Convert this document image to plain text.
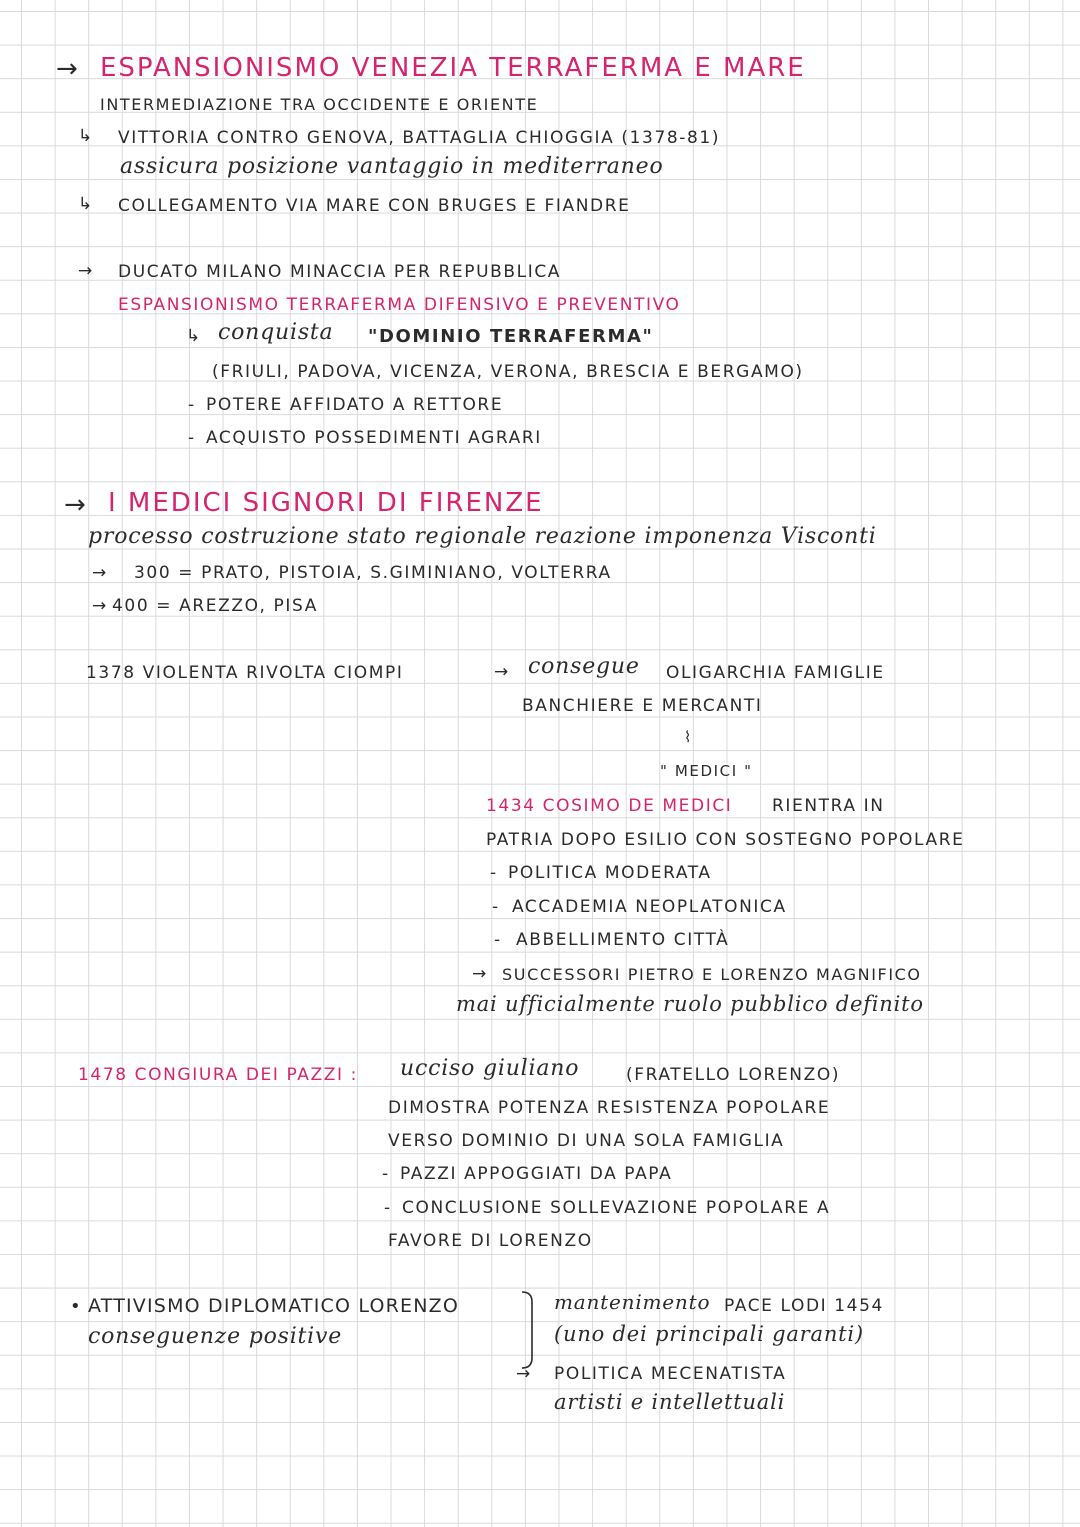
→ ESPANSIONISMO VENEZIA TERRAFERMA E MARE
INTERMEDIAZIONE TRA OCCIDENTE E ORIENTE
↳ VITTORIA CONTRO GENOVA, BATTAGLIA CHIOGGIA (1378-81)
assicura posizione vantaggio in mediterraneo
↳ COLLEGAMENTO VIA MARE CON BRUGES E FIANDRE
→ DUCATO MILANO MINACCIA PER REPUBBLICA
ESPANSIONISMO TERRAFERMA DIFENSIVO E PREVENTIVO
↳ conquista "DOMINIO TERRAFERMA"
(FRIULI, PADOVA, VICENZA, VERONA, BRESCIA E BERGAMO)
- POTERE AFFIDATO A RETTORE
- ACQUISTO POSSEDIMENTI AGRARI
→ I MEDICI SIGNORI DI FIRENZE
processo costruzione stato regionale reazione imponenza Visconti
→ 300 = PRATO, PISTOIA, S.GIMINIANO, VOLTERRA
→ 400 = AREZZO, PISA
1378 VIOLENTA RIVOLTA CIOMPI	→ consegue OLIGARCHIA FAMIGLIE
BANCHIERE E MERCANTI
⌇
" MEDICI "
1434 COSIMO DE MEDICI RIENTRA IN
PATRIA DOPO ESILIO CON SOSTEGNO POPOLARE
- POLITICA MODERATA
- ACCADEMIA NEOPLATONICA
- ABBELLIMENTO CITTÀ
→ SUCCESSORI PIETRO E LORENZO MAGNIFICO
mai ufficialmente ruolo pubblico definito
1478 CONGIURA DEI PAZZI : ucciso giuliano	(FRATELLO LORENZO)
DIMOSTRA POTENZA RESISTENZA POPOLARE
VERSO DOMINIO DI UNA SOLA FAMIGLIA
- PAZZI APPOGGIATI DA PAPA
- CONCLUSIONE SOLLEVAZIONE POPOLARE A
FAVORE DI LORENZO
• ATTIVISMO DIPLOMATICO LORENZO
conseguenze positive
mantenimento PACE LODI 1454
(uno dei principali garanti)
→ POLITICA MECENATISTA
artisti e intellettuali
